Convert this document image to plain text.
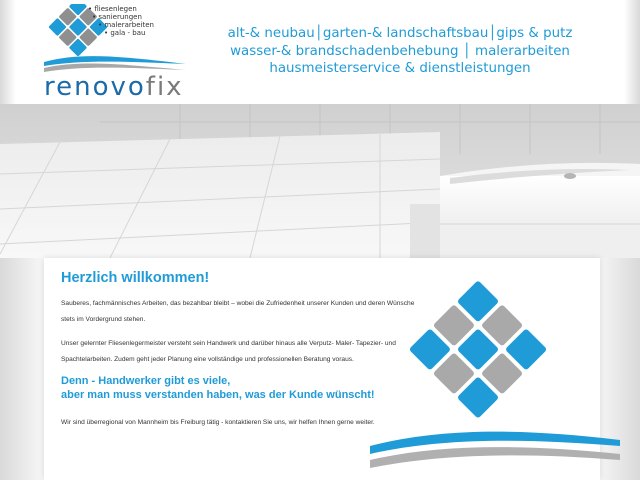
• fliesenlegen
• sanierungen
• malerarbeiten
• gala - bau
renovofix
alt-& neubau│garten-& landschaftsbau│gips & putz
wasser-& brandschadenbehebung │ malerarbeiten
hausmeisterservice & dienstleistungen
Herzlich willkommen!
Sauberes, fachmännisches Arbeiten, das bezahlbar bleibt – wobei die Zufriedenheit unserer Kunden und deren Wünsche stets im Vordergrund stehen.
Unser gelernter Fliesenlegermeister versteht sein Handwerk und darüber hinaus alle Verputz- Maler- Tapezier- und Spachtelarbeiten. Zudem geht jeder Planung eine vollständige und professionellen Beratung voraus.
Denn - Handwerker gibt es viele,
aber man muss verstanden haben, was der Kunde wünscht!
Wir sind überregional von Mannheim bis Freiburg tätig - kontaktieren Sie uns, wir helfen Ihnen gerne weiter.
